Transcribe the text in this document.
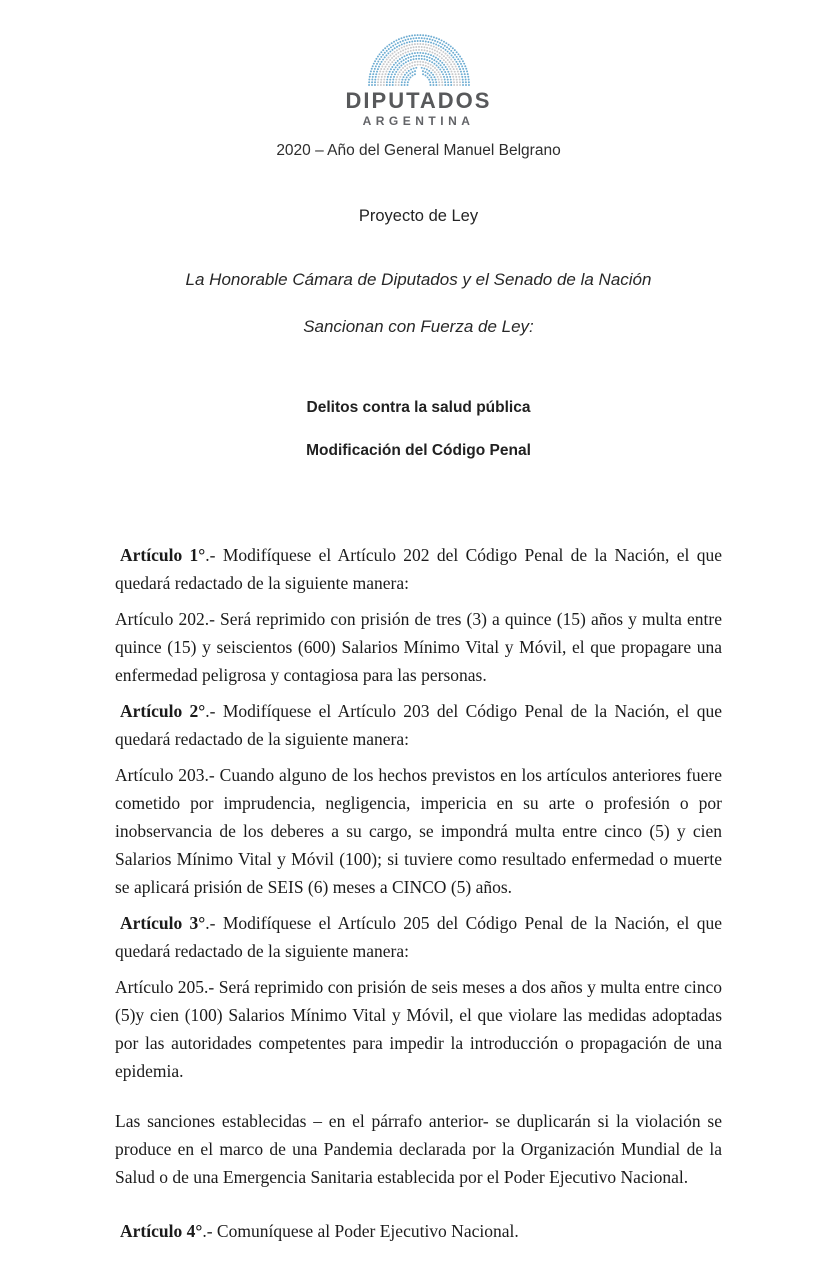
DIPUTADOS
ARGENTINA
2020 – Año del General Manuel Belgrano
Proyecto de Ley
La Honorable Cámara de Diputados y el Senado de la Nación
Sancionan con Fuerza de Ley:
Delitos contra la salud pública
Modificación del Código Penal

Artículo 1°.- Modifíquese el Artículo 202 del Código Penal de la Nación, el que quedará redactado de la siguiente manera:

Artículo 202.- Será reprimido con prisión de tres (3) a quince (15) años y multa entre quince (15) y seiscientos (600) Salarios Mínimo Vital y Móvil, el que propagare una enfermedad peligrosa y contagiosa para las personas.

Artículo 2°.- Modifíquese el Artículo 203 del Código Penal de la Nación, el que quedará redactado de la siguiente manera:

Artículo 203.- Cuando alguno de los hechos previstos en los artículos anteriores fuere cometido por imprudencia, negligencia, impericia en su arte o profesión o por inobservancia de los deberes a su cargo, se impondrá multa entre cinco (5) y cien Salarios Mínimo Vital y Móvil (100); si tuviere como resultado enfermedad o muerte se aplicará prisión de SEIS (6) meses a CINCO (5) años.

Artículo 3°.- Modifíquese el Artículo 205 del Código Penal de la Nación, el que quedará redactado de la siguiente manera:

Artículo 205.- Será reprimido con prisión de seis meses a dos años y multa entre cinco (5)y cien (100) Salarios Mínimo Vital y Móvil, el que violare las medidas adoptadas por las autoridades competentes para impedir la introducción o propagación de una epidemia.

Las sanciones establecidas – en el párrafo anterior- se duplicarán si la violación se produce en el marco de una Pandemia declarada por la Organización Mundial de la Salud o de una Emergencia Sanitaria establecida por el Poder Ejecutivo Nacional.

Artículo 4°.- Comuníquese al Poder Ejecutivo Nacional.
